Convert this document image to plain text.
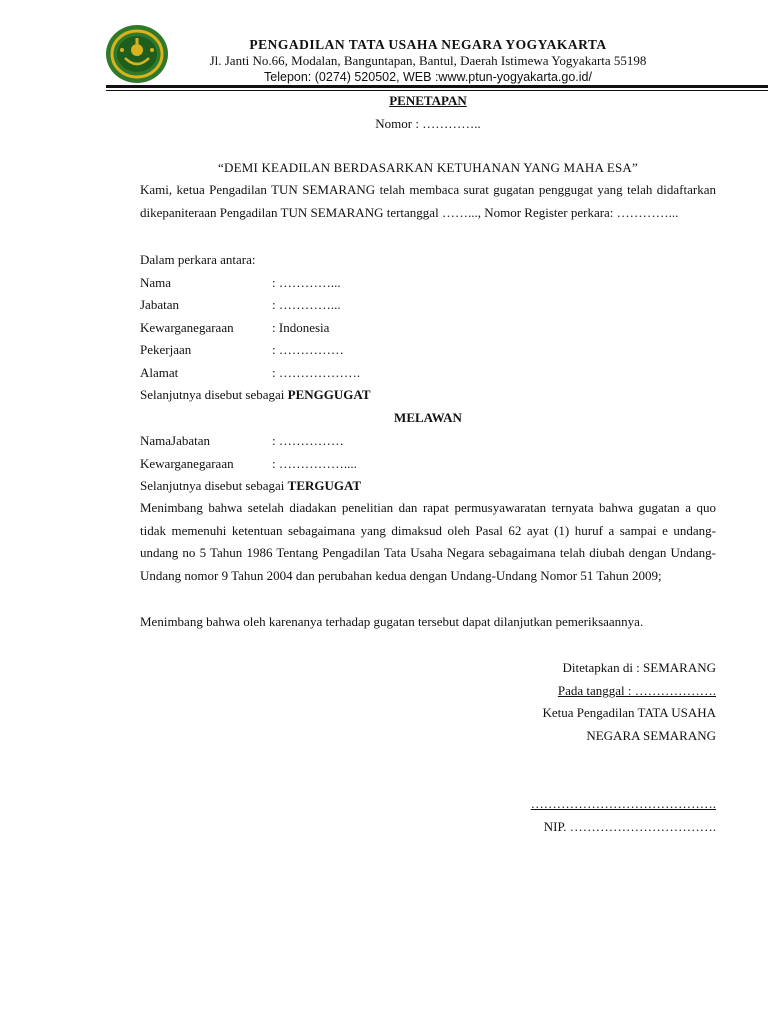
PENGADILAN TATA USAHA NEGARA YOGYAKARTA
Jl. Janti No.66, Modalan, Banguntapan, Bantul, Daerah Istimewa Yogyakarta 55198
Telepon: (0274) 520502, WEB :www.ptun-yogyakarta.go.id/
PENETAPAN
Nomor : …………..
“DEMI KEADILAN BERDASARKAN KETUHANAN YANG MAHA ESA”
Kami, ketua Pengadilan TUN SEMARANG telah membaca surat gugatan penggugat yang telah didaftarkan dikepaniteraan Pengadilan TUN SEMARANG tertanggal ……..., Nomor Register perkara: …………...
Dalam perkara antara:
Nama	: …………...
Jabatan	: …………...
Kewarganegaraan	: Indonesia
Pekerjaan	: ……………
Alamat	: ……………….
Selanjutnya disebut sebagai PENGGUGAT
MELAWAN
NamaJabatan	: ……………
Kewarganegaraan	: ……………....
Selanjutnya disebut sebagai TERGUGAT
Menimbang bahwa setelah diadakan penelitian dan rapat permusyawaratan ternyata bahwa gugatan a quo tidak memenuhi ketentuan sebagaimana yang dimaksud oleh Pasal 62 ayat (1) huruf a sampai e undang-undang no 5 Tahun 1986 Tentang Pengadilan Tata Usaha Negara sebagaimana telah diubah dengan Undang-Undang nomor 9 Tahun 2004 dan perubahan kedua dengan Undang-Undang Nomor 51 Tahun 2009;
Menimbang bahwa oleh karenanya terhadap gugatan tersebut dapat dilanjutkan pemeriksaannya.
Ditetapkan di : SEMARANG
Pada tanggal : ……………….
Ketua Pengadilan TATA USAHA
NEGARA SEMARANG
…………………………………….
NIP. …………………………….
